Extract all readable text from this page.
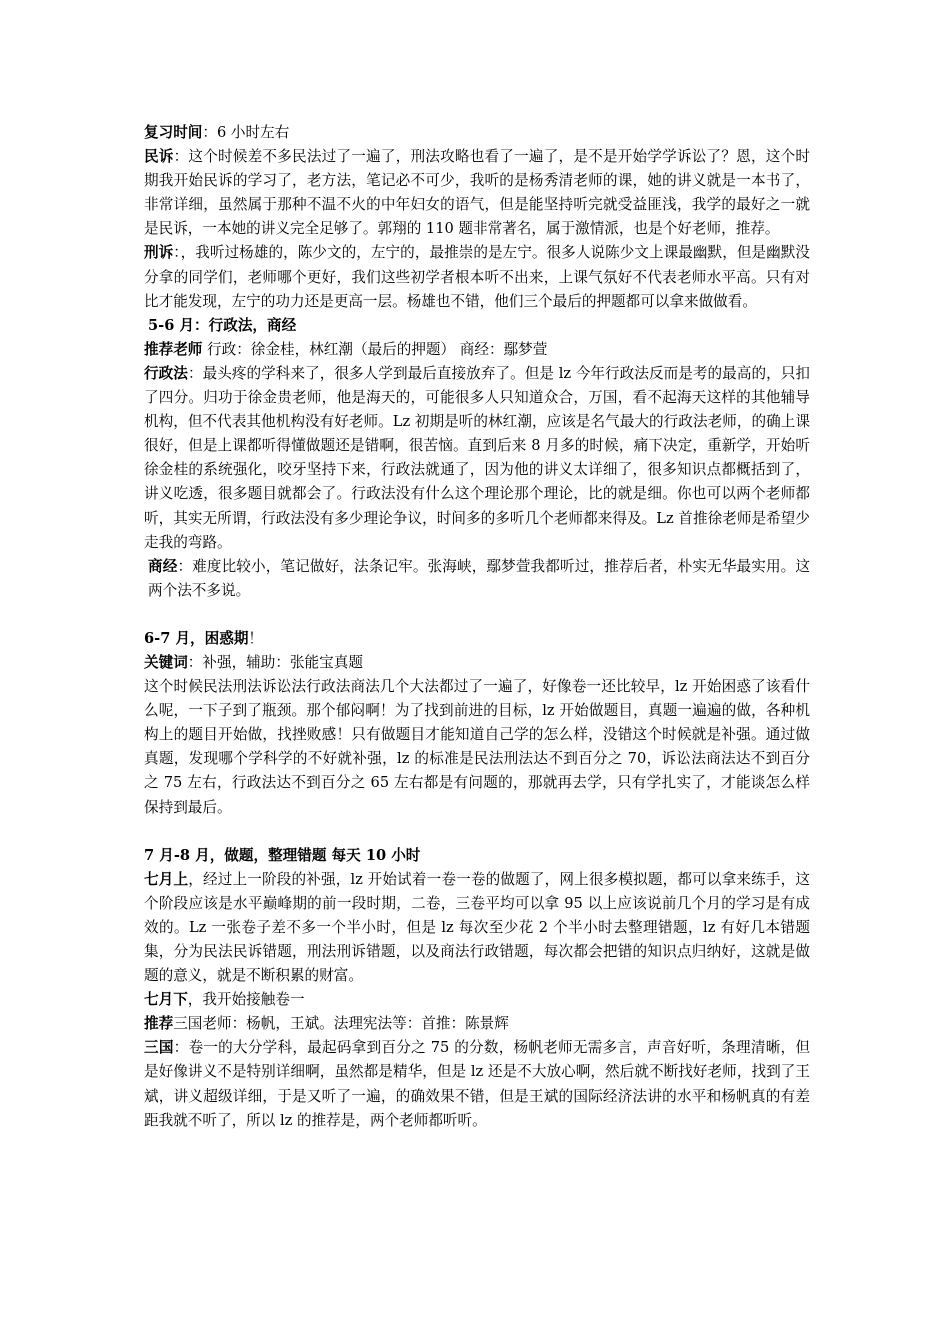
复习时间：6 小时左右

民诉：这个时候差不多民法过了一遍了，刑法攻略也看了一遍了，是不是开始学学诉讼了？恩，这个时期我开始民诉的学习了，老方法，笔记必不可少，我听的是杨秀清老师的课，她的讲义就是一本书了，非常详细，虽然属于那种不温不火的中年妇女的语气，但是能坚持听完就受益匪浅，我学的最好之一就是民诉，一本她的讲义完全足够了。郭翔的 110 题非常著名，属于激情派，也是个好老师，推荐。

刑诉：，我听过杨雄的，陈少文的，左宁的，最推崇的是左宁。很多人说陈少文上课最幽默，但是幽默没分拿的同学们，老师哪个更好，我们这些初学者根本听不出来，上课气氛好不代表老师水平高。只有对比才能发现，左宁的功力还是更高一层。杨雄也不错，他们三个最后的押题都可以拿来做做看。

5-6 月：行政法，商经

推荐老师 行政：徐金桂，林红潮（最后的押题） 商经：鄢梦萱

行政法：最头疼的学科来了，很多人学到最后直接放弃了。但是 lz 今年行政法反而是考的最高的，只扣了四分。归功于徐金贵老师，他是海天的，可能很多人只知道众合，万国，看不起海天这样的其他辅导机构，但不代表其他机构没有好老师。Lz 初期是听的林红潮，应该是名气最大的行政法老师，的确上课很好，但是上课都听得懂做题还是错啊，很苦恼。直到后来 8 月多的时候，痛下决定，重新学，开始听徐金桂的系统强化，咬牙坚持下来，行政法就通了，因为他的讲义太详细了，很多知识点都概括到了，讲义吃透，很多题目就都会了。行政法没有什么这个理论那个理论，比的就是细。你也可以两个老师都听，其实无所谓，行政法没有多少理论争议，时间多的多听几个老师都来得及。Lz 首推徐老师是希望少走我的弯路。

商经：难度比较小，笔记做好，法条记牢。张海峡，鄢梦萱我都听过，推荐后者，朴实无华最实用。这两个法不多说。

6-7 月，困惑期！

关键词：补强，辅助：张能宝真题

这个时候民法刑法诉讼法行政法商法几个大法都过了一遍了，好像卷一还比较早，lz 开始困惑了该看什么呢，一下子到了瓶颈。那个郁闷啊！为了找到前进的目标，lz 开始做题目，真题一遍遍的做，各种机构上的题目开始做，找挫败感！只有做题目才能知道自己学的怎么样，没错这个时候就是补强。通过做真题，发现哪个学科学的不好就补强，lz 的标准是民法刑法达不到百分之 70，诉讼法商法达不到百分之 75 左右，行政法达不到百分之 65 左右都是有问题的，那就再去学，只有学扎实了，才能谈怎么样保持到最后。

7 月-8 月，做题，整理错题 每天 10 小时

七月上，经过上一阶段的补强，lz 开始试着一卷一卷的做题了，网上很多模拟题，都可以拿来练手，这个阶段应该是水平巅峰期的前一段时期，二卷，三卷平均可以拿 95 以上应该说前几个月的学习是有成效的。Lz 一张卷子差不多一个半小时，但是 lz 每次至少花 2 个半小时去整理错题，lz 有好几本错题集，分为民法民诉错题，刑法刑诉错题，以及商法行政错题，每次都会把错的知识点归纳好，这就是做题的意义，就是不断积累的财富。

七月下，我开始接触卷一

推荐三国老师：杨帆，王斌。法理宪法等：首推：陈景辉

三国：卷一的大分学科，最起码拿到百分之 75 的分数，杨帆老师无需多言，声音好听，条理清晰，但是好像讲义不是特别详细啊，虽然都是精华，但是 lz 还是不大放心啊，然后就不断找好老师，找到了王斌，讲义超级详细，于是又听了一遍，的确效果不错，但是王斌的国际经济法讲的水平和杨帆真的有差距我就不听了，所以 lz 的推荐是，两个老师都听听。
